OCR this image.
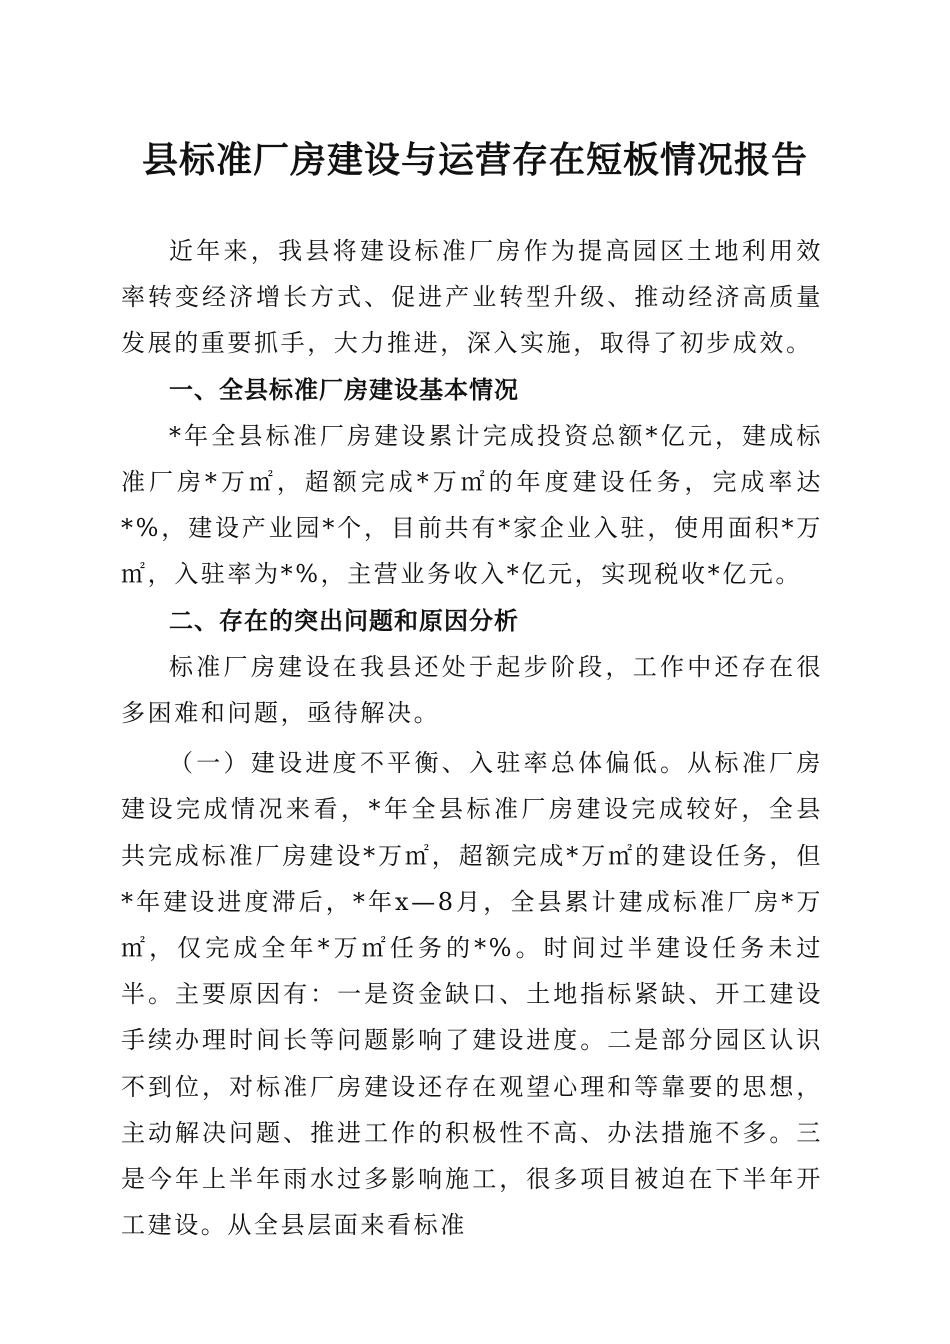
县标准厂房建设与运营存在短板情况报告

近年来，我县将建设标准厂房作为提高园区土地利用效率转变经济增长方式、促进产业转型升级、推动经济高质量发展的重要抓手，大力推进，深入实施，取得了初步成效。

一、全县标准厂房建设基本情况

*年全县标准厂房建设累计完成投资总额*亿元，建成标准厂房*万㎡，超额完成*万㎡的年度建设任务，完成率达*%，建设产业园*个，目前共有*家企业入驻，使用面积*万㎡，入驻率为*%，主营业务收入*亿元，实现税收*亿元。

二、存在的突出问题和原因分析

标准厂房建设在我县还处于起步阶段，工作中还存在很多困难和问题，亟待解决。

（一）建设进度不平衡、入驻率总体偏低。从标准厂房建设完成情况来看，*年全县标准厂房建设完成较好，全县共完成标准厂房建设*万㎡，超额完成*万㎡的建设任务，但*年建设进度滞后，*年x—8月，全县累计建成标准厂房*万㎡，仅完成全年*万㎡任务的*%。时间过半建设任务未过半。主要原因有：一是资金缺口、土地指标紧缺、开工建设手续办理时间长等问题影响了建设进度。二是部分园区认识不到位，对标准厂房建设还存在观望心理和等靠要的思想，主动解决问题、推进工作的积极性不高、办法措施不多。三是今年上半年雨水过多影响施工，很多项目被迫在下半年开工建设。从全县层面来看标准
